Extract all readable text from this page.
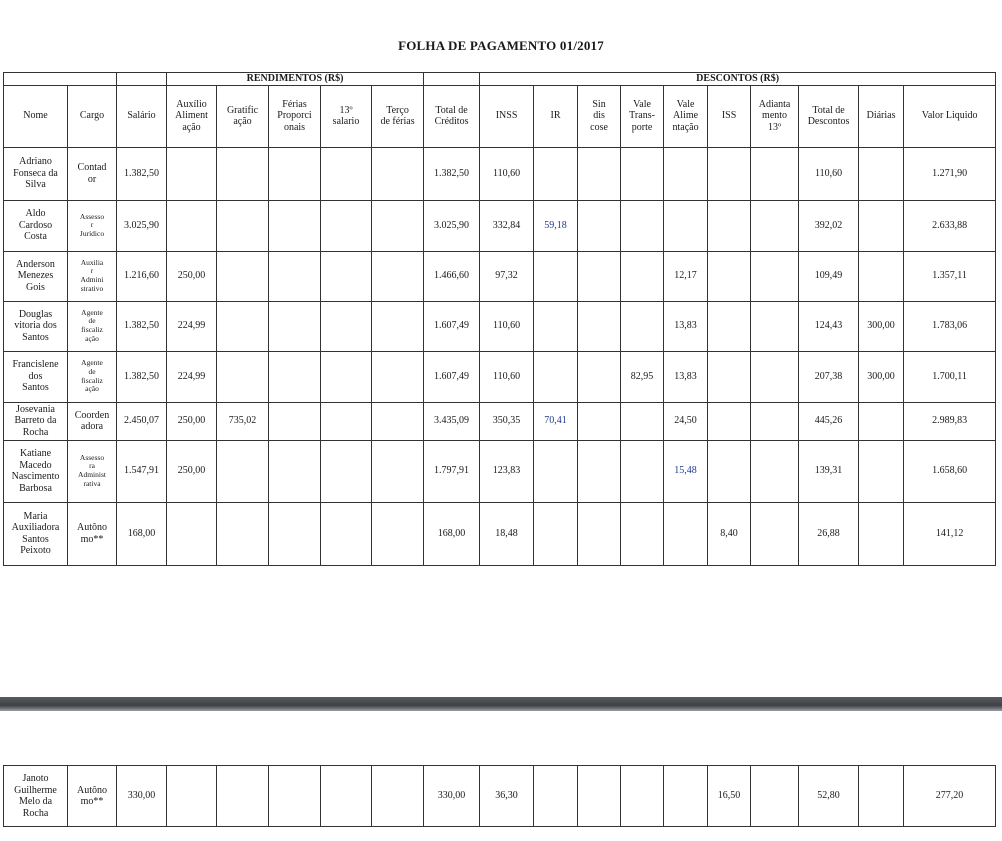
FOLHA DE PAGAMENTO 01/2017
			RENDIMENTOS (R$)						DESCONTOS (R$)									
Nome	Cargo	Salário	Auxílio
Aliment
ação	Gratific
ação	Férias
Proporci
onais	13º
salario	Terço
de férias	Total de
Créditos	INSS	IR	Sin
dis
cose	Vale
Trans-
porte	Vale
Alime
ntação	ISS	Adianta
mento
13º	Total de
Descontos	Diárias	Valor Liquido
Adriano
Fonseca da
Silva	Contad
or	1.382,50						1.382,50	110,60							110,60		1.271,90
Aldo
Cardoso
Costa	Assesso
r
Jurídico	3.025,90						3.025,90	332,84	59,18						392,02		2.633,88
Anderson
Menezes
Gois	Auxilia
r
Admini
strativo	1.216,60	250,00					1.466,60	97,32				12,17			109,49		1.357,11
Douglas
vitoria dos
Santos	Agente
de
fiscaliz
ação	1.382,50	224,99					1.607,49	110,60				13,83			124,43	300,00	1.783,06
Francislene
dos
Santos	Agente
de
fiscaliz
ação	1.382,50	224,99					1.607,49	110,60			82,95	13,83			207,38	300,00	1.700,11
Josevania
Barreto da
Rocha	Coorden
adora	2.450,07	250,00	735,02				3.435,09	350,35	70,41			24,50			445,26		2.989,83
Katiane
Macedo
Nascimento
Barbosa	Assesso
ra
Administ
rativa	1.547,91	250,00					1.797,91	123,83				15,48			139,31		1.658,60
Maria
Auxiliadora
Santos
Peixoto	Autôno
mo**	168,00						168,00	18,48					8,40		26,88		141,12
Janoto
Guilherme
Melo da
Rocha	Autôno
mo**	330,00						330,00	36,30					16,50		52,80		277,20
